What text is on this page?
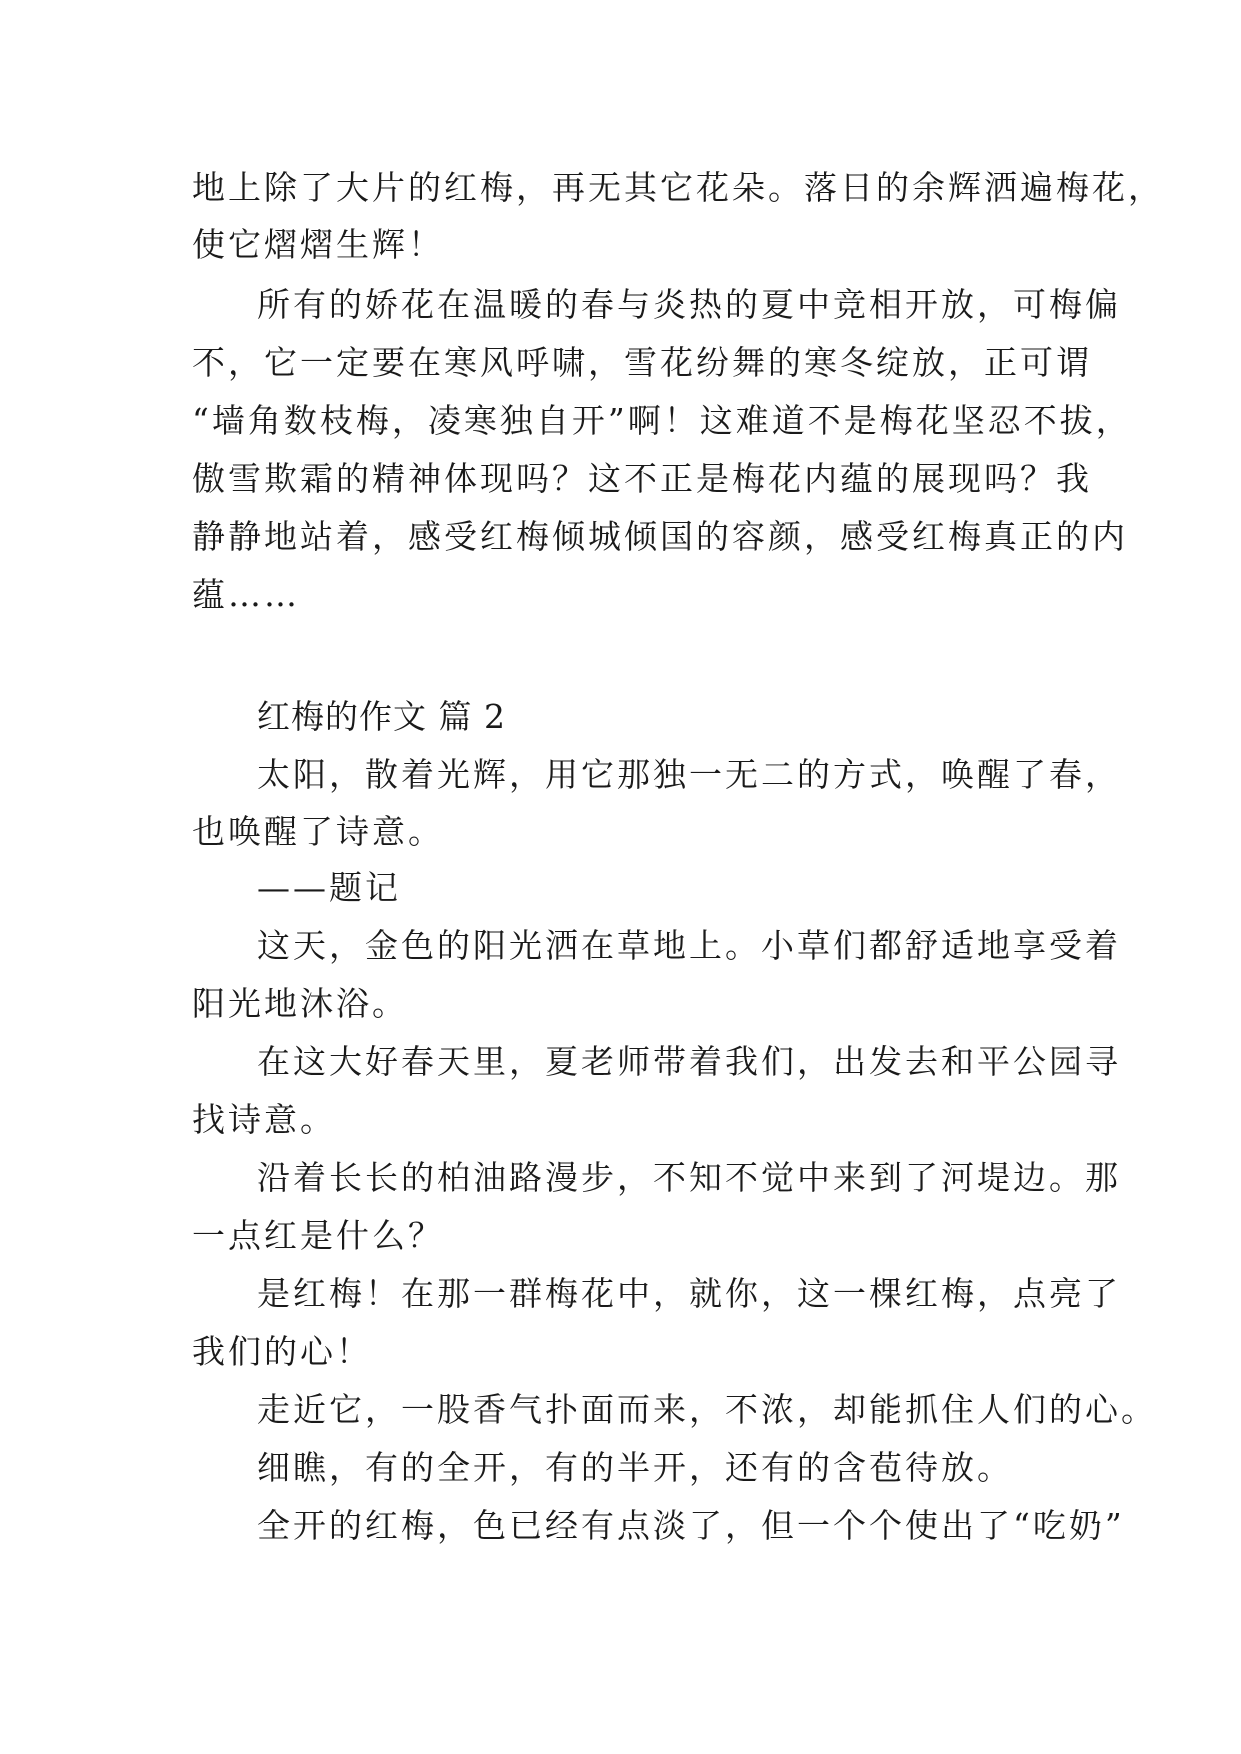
地上除了大片的红梅，再无其它花朵。落日的余辉洒遍梅花，
使它熠熠生辉！
所有的娇花在温暖的春与炎热的夏中竞相开放，可梅偏
不，它一定要在寒风呼啸，雪花纷舞的寒冬绽放，正可谓
“墙角数枝梅，凌寒独自开”啊！这难道不是梅花坚忍不拔，
傲雪欺霜的精神体现吗？这不正是梅花内蕴的展现吗？我
静静地站着，感受红梅倾城倾国的容颜，感受红梅真正的内
蕴……
红梅的作文 篇 2
太阳，散着光辉，用它那独一无二的方式，唤醒了春，
也唤醒了诗意。
——题记
这天，金色的阳光洒在草地上。小草们都舒适地享受着
阳光地沐浴。
在这大好春天里，夏老师带着我们，出发去和平公园寻
找诗意。
沿着长长的柏油路漫步，不知不觉中来到了河堤边。那
一点红是什么？
是红梅！在那一群梅花中，就你，这一棵红梅，点亮了
我们的心！
走近它，一股香气扑面而来，不浓，却能抓住人们的心。
细瞧，有的全开，有的半开，还有的含苞待放。
全开的红梅，色已经有点淡了，但一个个使出了“吃奶”
